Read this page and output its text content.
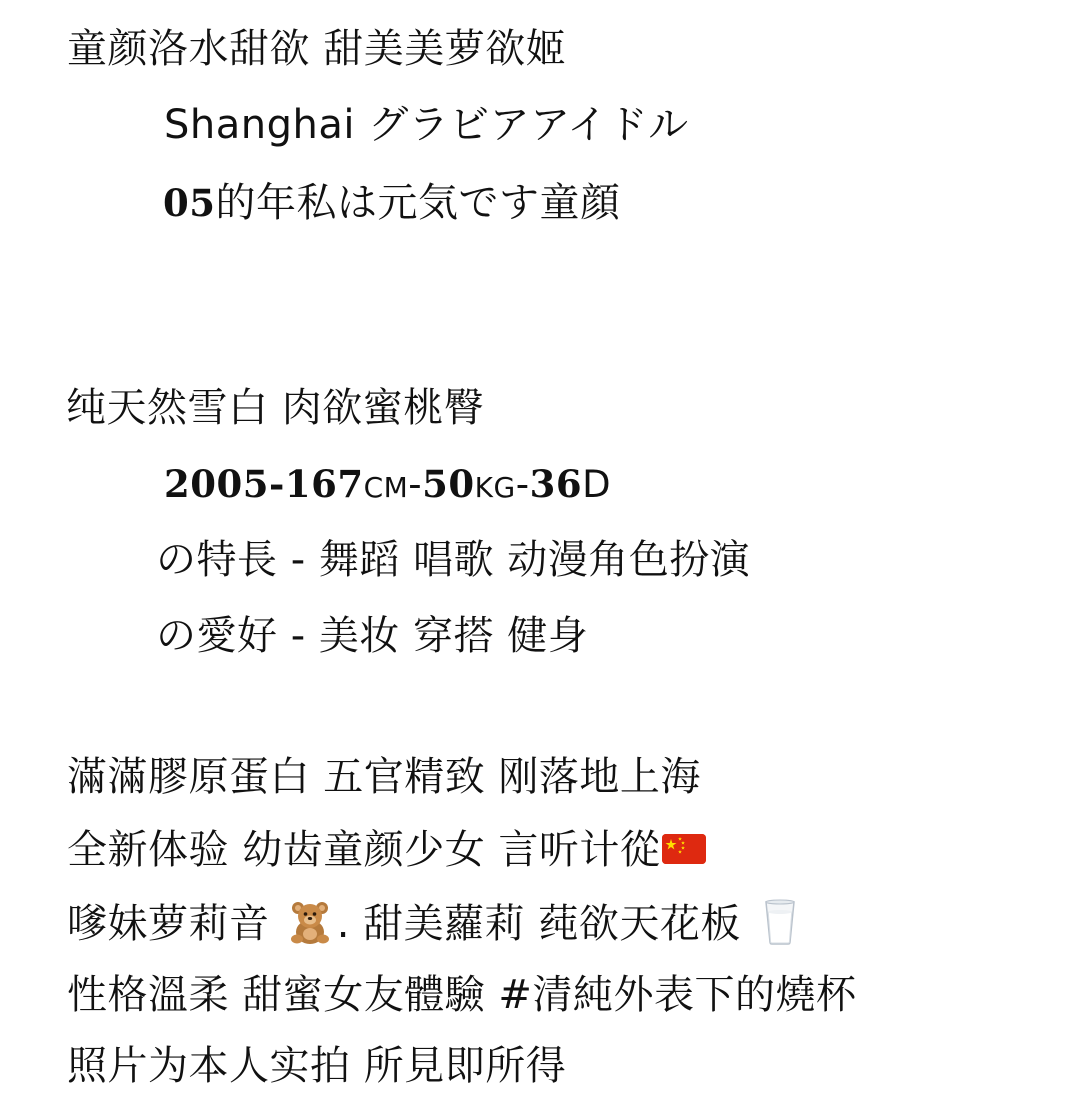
童颜洛水甜欲 甜美美萝欲姬
Shanghai グラビアアイドル
05的年私は元気です童顔
纯天然雪白 肉欲蜜桃臀
2005-167CM-50KG-36D
の特長 - 舞蹈 唱歌 动漫角色扮演
の愛好 - 美妆 穿搭 健身
滿滿膠原蛋白 五官精致 刚落地上海
全新体验 幼齿童颜少女 言听计從
嗲妹萝莉音 . 甜美蘿莉 莼欲天花板
性格溫柔 甜蜜女友體驗 #清純外表下的燒杯
照片为本人实拍 所見即所得
